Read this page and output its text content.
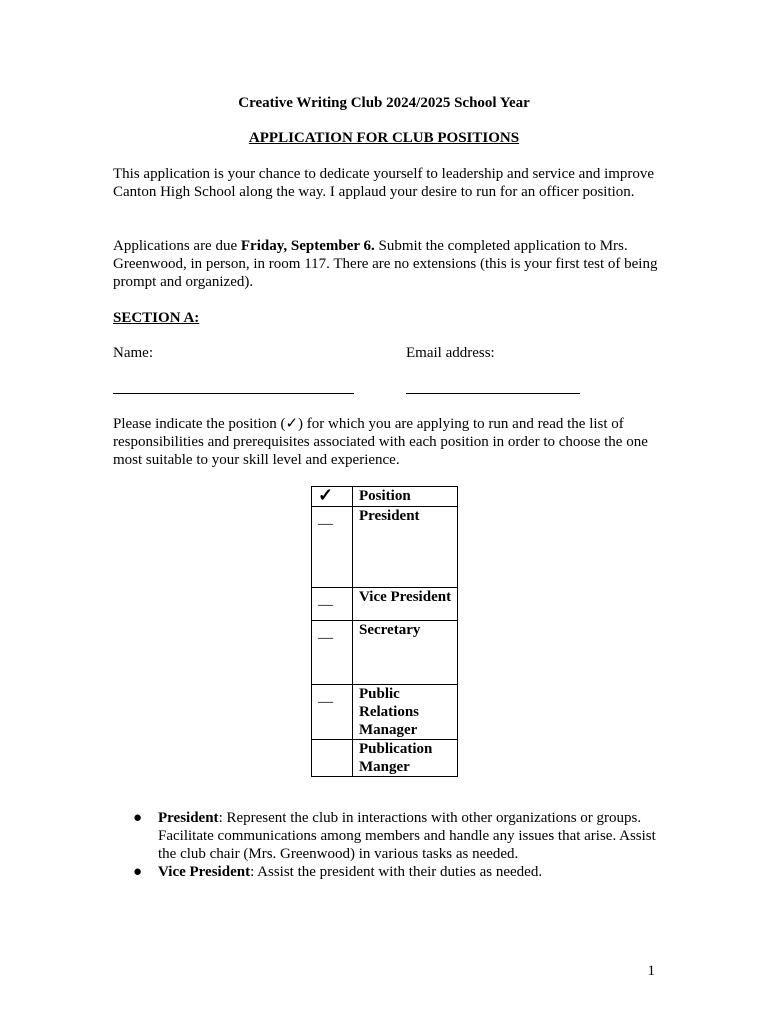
Creative Writing Club 2024/2025 School Year

APPLICATION FOR CLUB POSITIONS

This application is your chance to dedicate yourself to leadership and service and improve Canton High School along the way. I applaud your desire to run for an officer position.

Applications are due Friday, September 6. Submit the completed application to Mrs. Greenwood, in person, in room 117. There are no extensions (this is your first test of being prompt and organized).

SECTION A:

Name:	Email address:

Please indicate the position (✓) for which you are applying to run and read the list of responsibilities and prerequisites associated with each position in order to choose the one most suitable to your skill level and experience.

✓	Position
__	President
__	Vice President
__	Secretary
__	Public Relations Manager
	Publication Manger
● President: Represent the club in interactions with other organizations or groups. Facilitate communications among members and handle any issues that arise. Assist the club chair (Mrs. Greenwood) in various tasks as needed.
● Vice President: Assist the president with their duties as needed.

1
